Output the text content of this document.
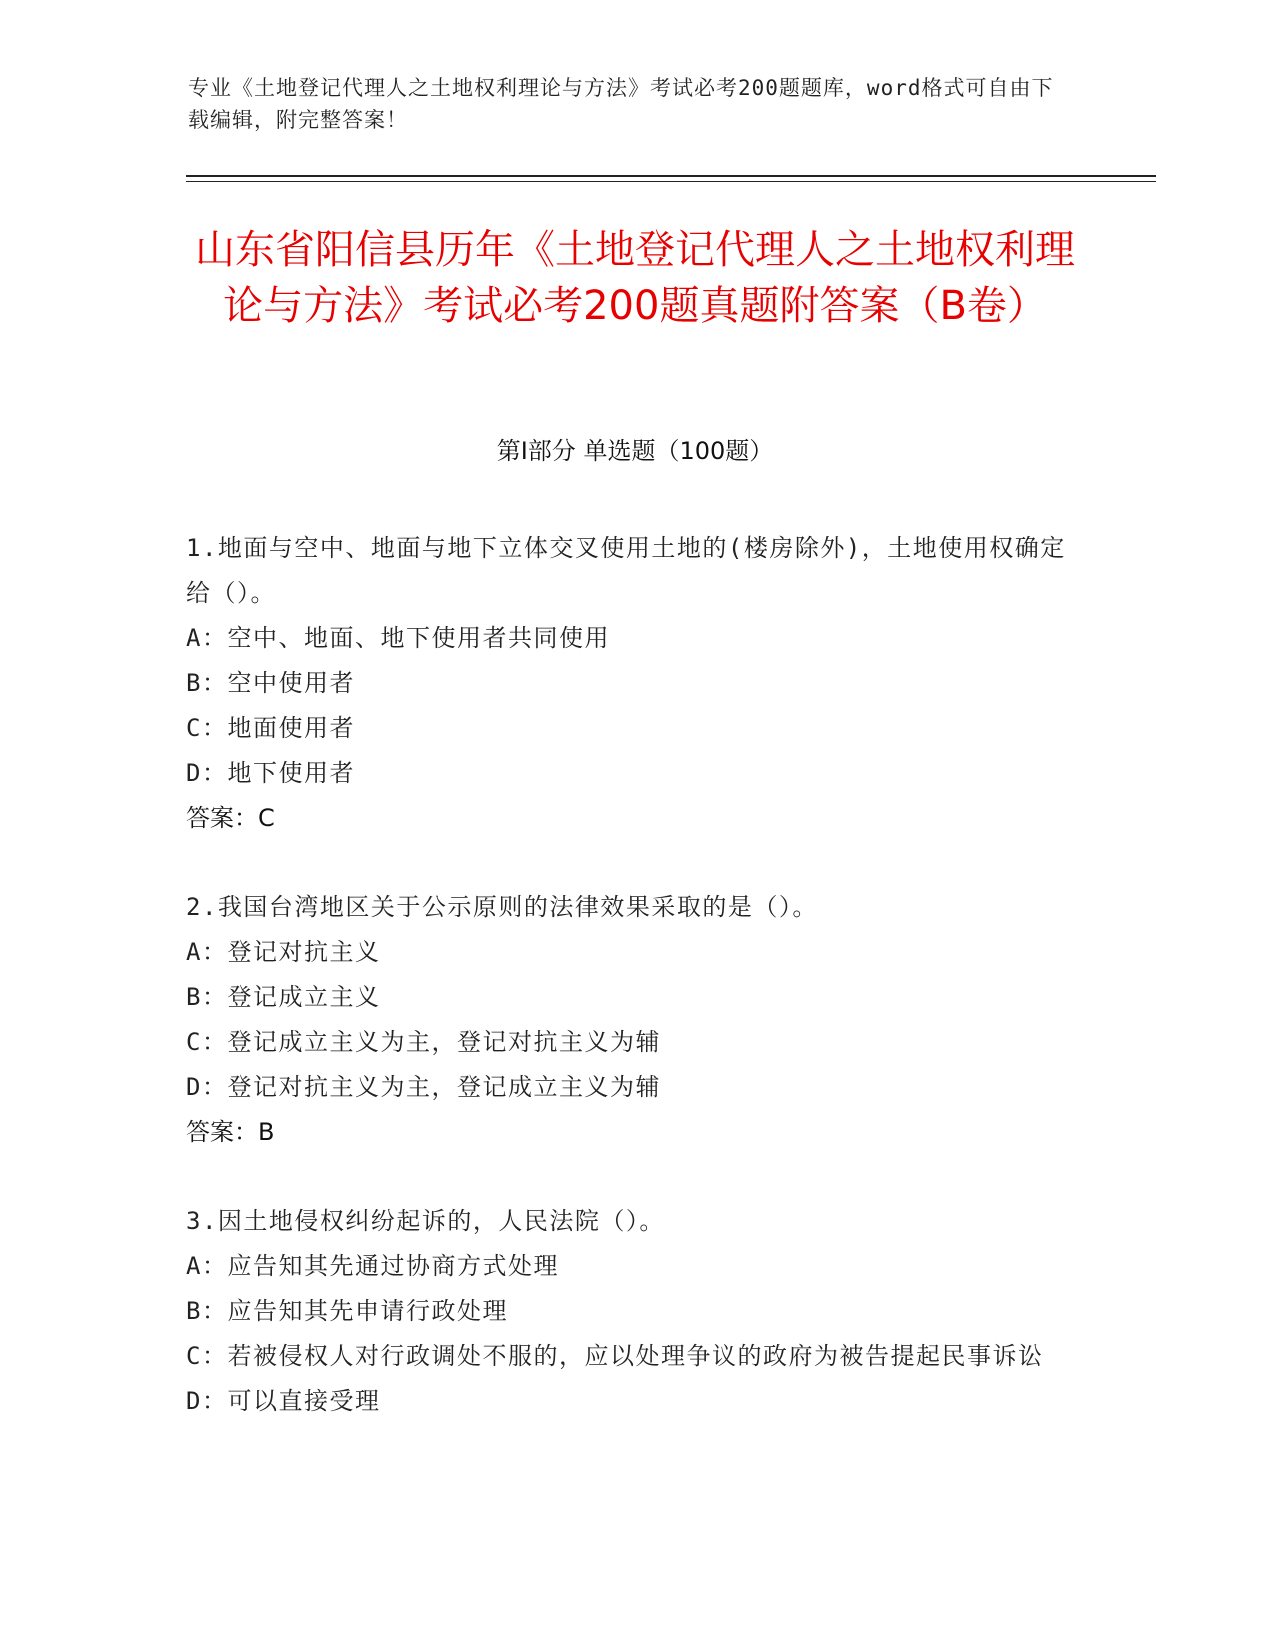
专业《土地登记代理人之土地权利理论与方法》考试必考200题题库，word格式可自由下载编辑，附完整答案！
山东省阳信县历年《土地登记代理人之土地权利理论与方法》考试必考200题真题附答案（B卷）
第Ⅰ部分 单选题（100题）
1.地面与空中、地面与地下立体交叉使用土地的(楼房除外)，土地使用权确定给（）。
A：空中、地面、地下使用者共同使用
B：空中使用者
C：地面使用者
D：地下使用者
答案：C
2.我国台湾地区关于公示原则的法律效果采取的是（）。
A：登记对抗主义
B：登记成立主义
C：登记成立主义为主，登记对抗主义为辅
D：登记对抗主义为主，登记成立主义为辅
答案：B
3.因土地侵权纠纷起诉的，人民法院（）。
A：应告知其先通过协商方式处理
B：应告知其先申请行政处理
C：若被侵权人对行政调处不服的，应以处理争议的政府为被告提起民事诉讼
D：可以直接受理
